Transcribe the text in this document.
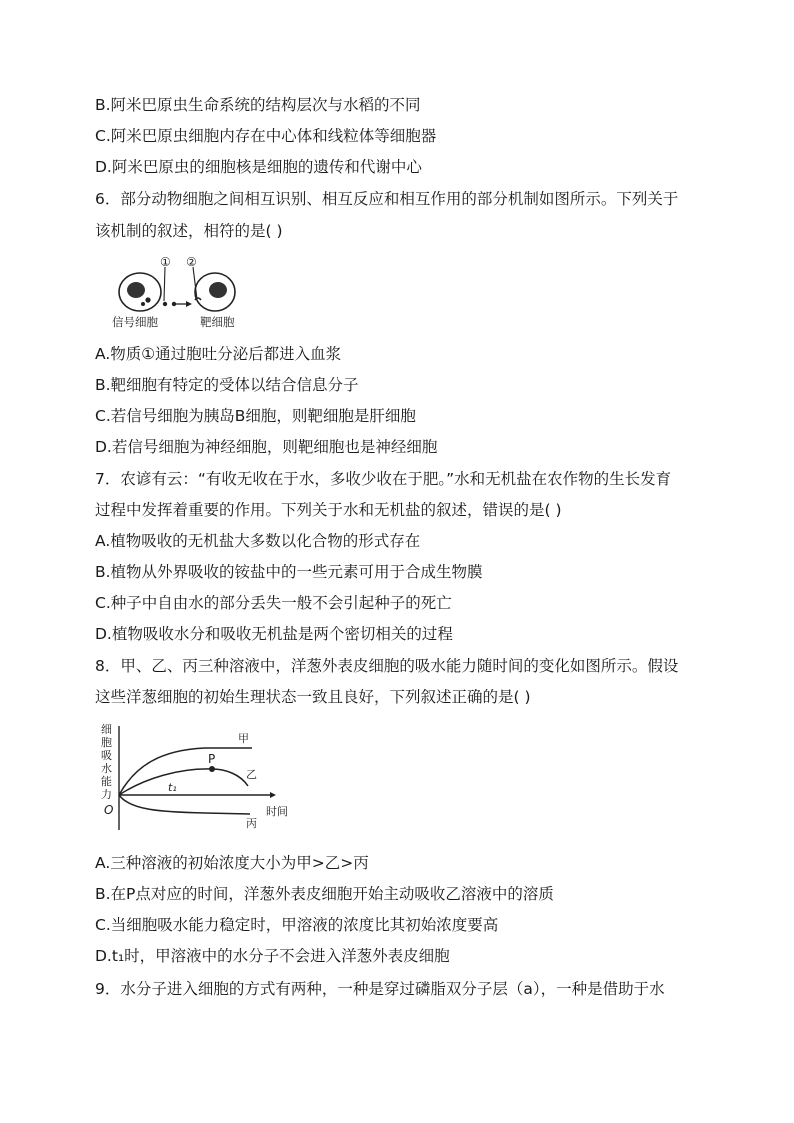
B.阿米巴原虫生命系统的结构层次与水稻的不同
C.阿米巴原虫细胞内存在中心体和线粒体等细胞器
D.阿米巴原虫的细胞核是细胞的遗传和代谢中心
6．部分动物细胞之间相互识别、相互反应和相互作用的部分机制如图所示。下列关于
该机制的叙述，相符的是( )
① ②
信号细胞	靶细胞
A.物质①通过胞吐分泌后都进入血浆
B.靶细胞有特定的受体以结合信息分子
C.若信号细胞为胰岛B细胞，则靶细胞是肝细胞
D.若信号细胞为神经细胞，则靶细胞也是神经细胞
7．农谚有云：“有收无收在于水，多收少收在于肥。”水和无机盐在农作物的生长发育
过程中发挥着重要的作用。下列关于水和无机盐的叙述，错误的是( )
A.植物吸收的无机盐大多数以化合物的形式存在
B.植物从外界吸收的铵盐中的一些元素可用于合成生物膜
C.种子中自由水的部分丢失一般不会引起种子的死亡
D.植物吸收水分和吸收无机盐是两个密切相关的过程
8．甲、乙、丙三种溶液中，洋葱外表皮细胞的吸水能力随时间的变化如图所示。假设
这些洋葱细胞的初始生理状态一致且良好，下列叙述正确的是( )
细
胞
吸
水
能
力
O	时间
甲
P
乙
丙
t₁
A.三种溶液的初始浓度大小为甲>乙>丙
B.在P点对应的时间，洋葱外表皮细胞开始主动吸收乙溶液中的溶质
C.当细胞吸水能力稳定时，甲溶液的浓度比其初始浓度要高
D.t₁时，甲溶液中的水分子不会进入洋葱外表皮细胞
9．水分子进入细胞的方式有两种，一种是穿过磷脂双分子层（a），一种是借助于水
